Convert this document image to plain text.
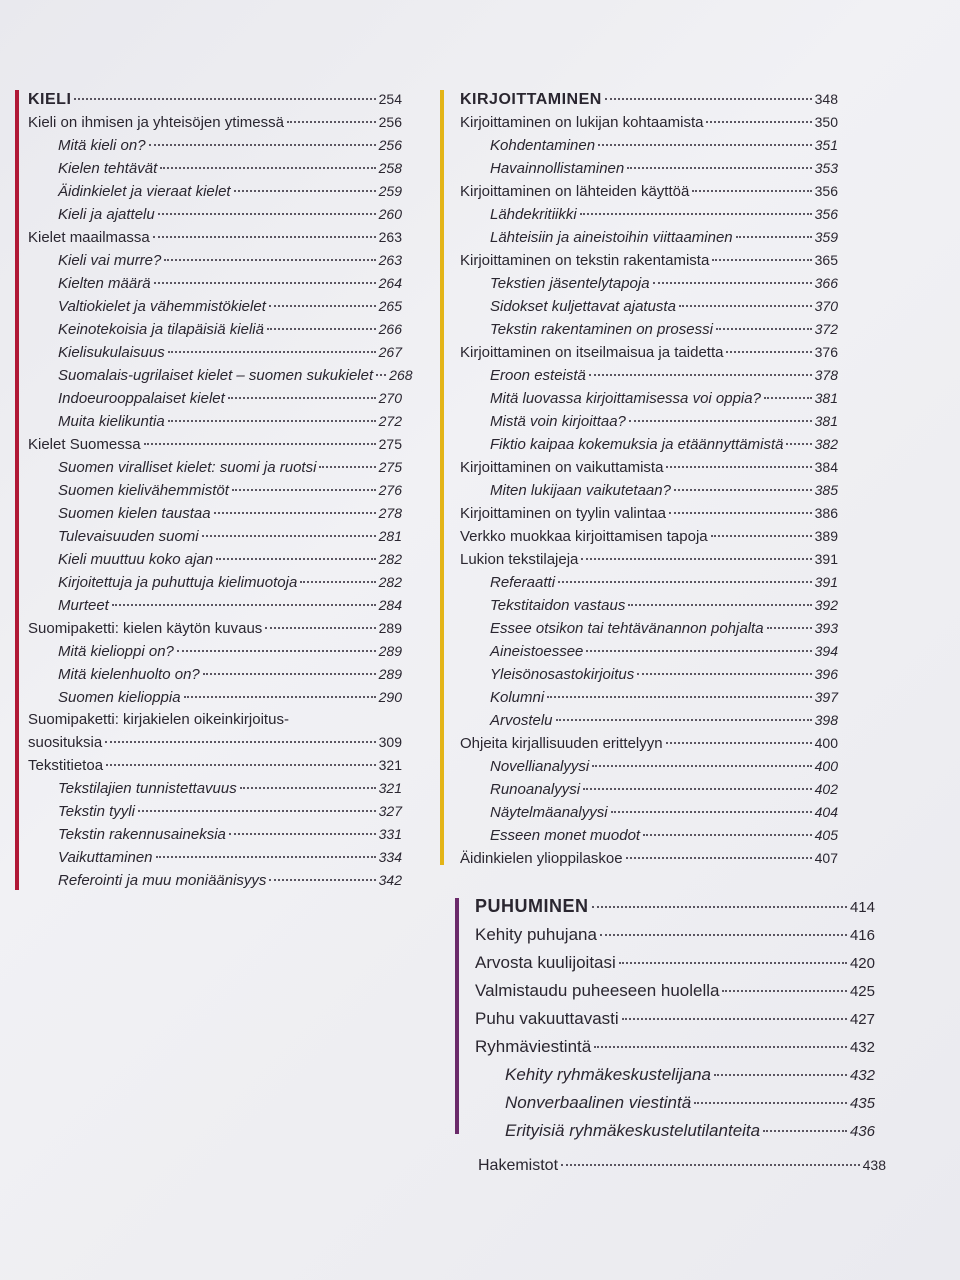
KIELI	254
Kieli on ihmisen ja yhteisöjen ytimessä	256
Mitä kieli on?	256
Kielen tehtävät	258
Äidinkielet ja vieraat kielet	259
Kieli ja ajattelu	260
Kielet maailmassa	263
Kieli vai murre?	263
Kielten määrä	264
Valtiokielet ja vähemmistökielet	265
Keinotekoisia ja tilapäisiä kieliä	266
Kielisukulaisuus	267
Suomalais-ugrilaiset kielet – suomen sukukielet 268
Indoeurooppalaiset kielet	270
Muita kielikuntia	272
Kielet Suomessa	275
Suomen viralliset kielet: suomi ja ruotsi	275
Suomen kielivähemmistöt	276
Suomen kielen taustaa	278
Tulevaisuuden suomi	281
Kieli muuttuu koko ajan	282
Kirjoitettuja ja puhuttuja kielimuotoja	282
Murteet	284
Suomipaketti: kielen käytön kuvaus	289
Mitä kielioppi on?	289
Mitä kielenhuolto on?	289
Suomen kielioppia	290
Suomipaketti: kirjakielen oikeinkirjoitus-
suosituksia	309
Tekstitietoa	321
Tekstilajien tunnistettavuus	321
Tekstin tyyli	327
Tekstin rakennusaineksia	331
Vaikuttaminen	334
Referointi ja muu moniäänisyys	342
KIRJOITTAMINEN	348
Kirjoittaminen on lukijan kohtaamista	350
Kohdentaminen	351
Havainnollistaminen	353
Kirjoittaminen on lähteiden käyttöä	356
Lähdekritiikki	356
Lähteisiin ja aineistoihin viittaaminen	359
Kirjoittaminen on tekstin rakentamista	365
Tekstien jäsentelytapoja	366
Sidokset kuljettavat ajatusta	370
Tekstin rakentaminen on prosessi	372
Kirjoittaminen on itseilmaisua ja taidetta	376
Eroon esteistä	378
Mitä luovassa kirjoittamisessa voi oppia?	381
Mistä voin kirjoittaa?	381
Fiktio kaipaa kokemuksia ja etäännyttämistä 382
Kirjoittaminen on vaikuttamista	384
Miten lukijaan vaikutetaan?	385
Kirjoittaminen on tyylin valintaa	386
Verkko muokkaa kirjoittamisen tapoja	389
Lukion tekstilajeja	391
Referaatti	391
Tekstitaidon vastaus	392
Essee otsikon tai tehtävänannon pohjalta	393
Aineistoessee	394
Yleisönosastokirjoitus	396
Kolumni	397
Arvostelu	398
Ohjeita kirjallisuuden erittelyyn	400
Novellianalyysi	400
Runoanalyysi	402
Näytelmäanalyysi	404
Esseen monet muodot	405
Äidinkielen ylioppilaskoe	407
PUHUMINEN	414
Kehity puhujana	416
Arvosta kuulijoitasi	420
Valmistaudu puheeseen huolella	425
Puhu vakuuttavasti	427
Ryhmäviestintä	432
Kehity ryhmäkeskustelijana	432
Nonverbaalinen viestintä	435
Erityisiä ryhmäkeskustelutilanteita	436
Hakemistot	438
